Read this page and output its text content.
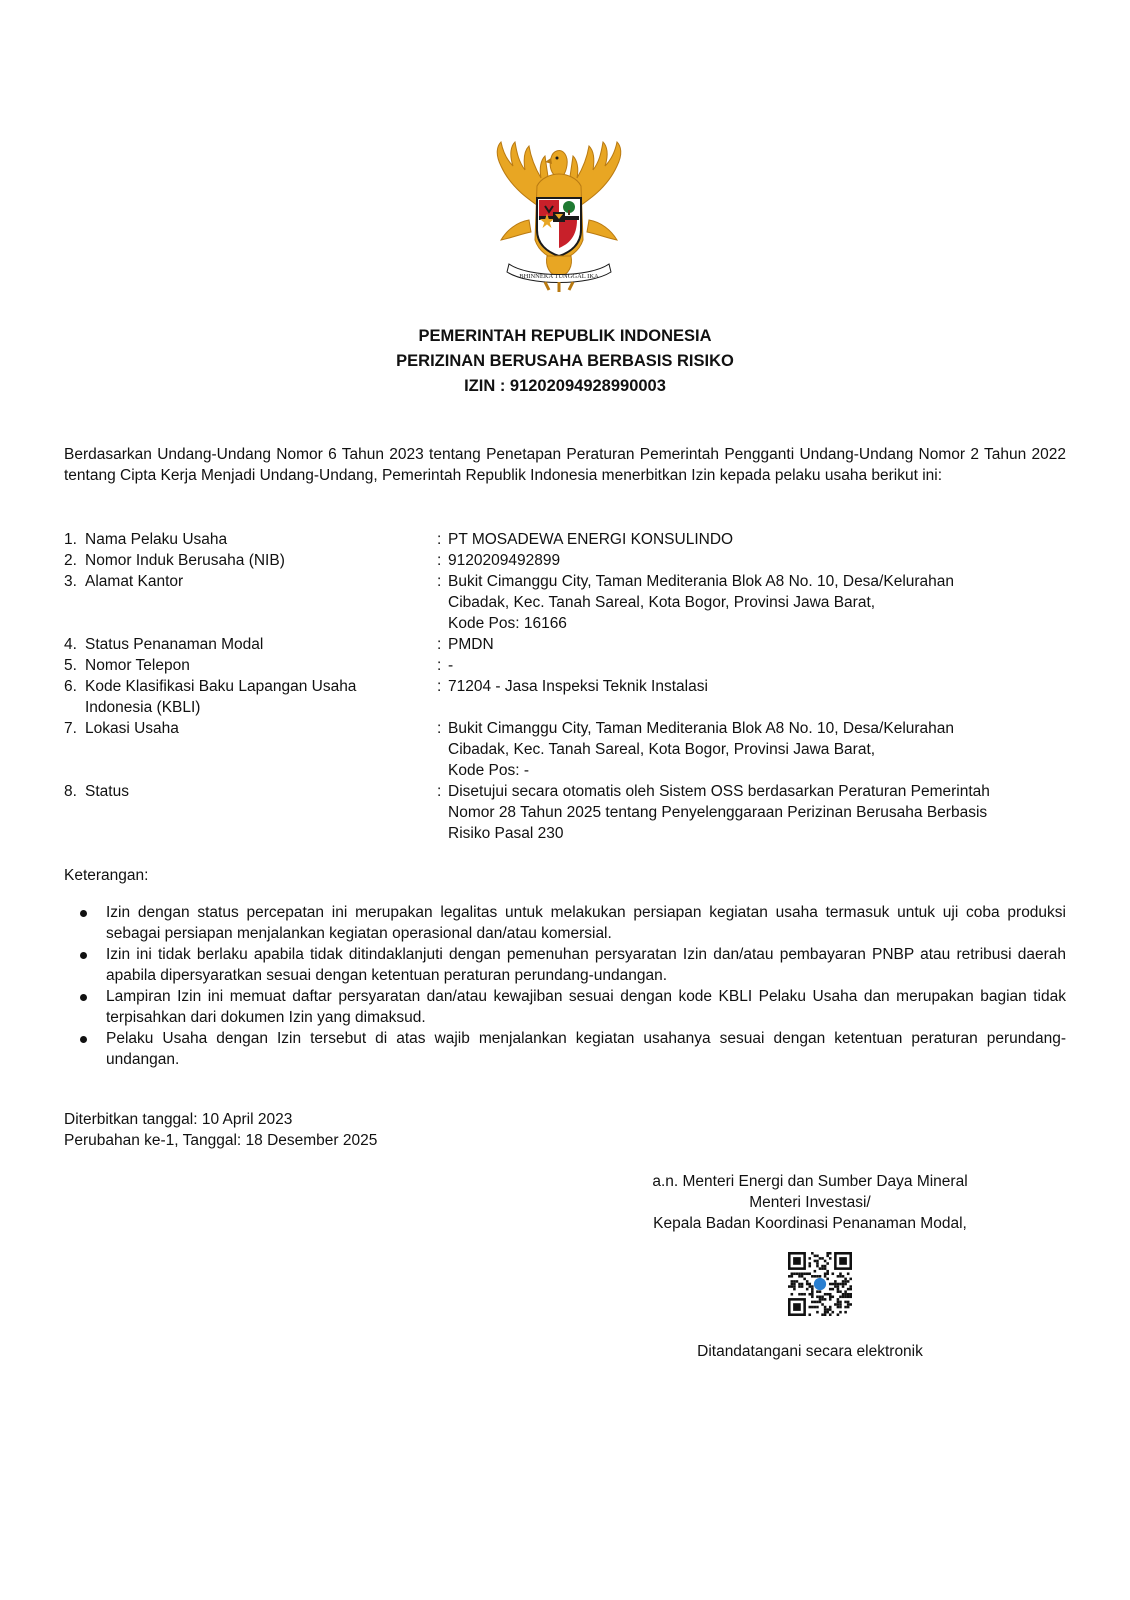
BHINNEKA TUNGGAL IKA
PEMERINTAH REPUBLIK INDONESIA
PERIZINAN BERUSAHA BERBASIS RISIKO
IZIN : 91202094928990003

Berdasarkan Undang-Undang Nomor 6 Tahun 2023 tentang Penetapan Peraturan Pemerintah Pengganti Undang-Undang Nomor 2 Tahun 2022 tentang Cipta Kerja Menjadi Undang-Undang, Pemerintah Republik Indonesia menerbitkan Izin kepada pelaku usaha berikut ini:

1. Nama Pelaku Usaha	: PT MOSADEWA ENERGI KONSULINDO
2. Nomor Induk Berusaha (NIB)	: 9120209492899
3. Alamat Kantor	: Bukit Cimanggu City, Taman Mediterania Blok A8 No. 10, Desa/Kelurahan
Cibadak, Kec. Tanah Sareal, Kota Bogor, Provinsi Jawa Barat,
Kode Pos: 16166
4. Status Penanaman Modal	: PMDN
5. Nomor Telepon	: -
6. Kode Klasifikasi Baku Lapangan Usaha	: 71204 - Jasa Inspeksi Teknik Instalasi
Indonesia (KBLI)
7. Lokasi Usaha	: Bukit Cimanggu City, Taman Mediterania Blok A8 No. 10, Desa/Kelurahan
Cibadak, Kec. Tanah Sareal, Kota Bogor, Provinsi Jawa Barat,
Kode Pos: -
8. Status	: Disetujui secara otomatis oleh Sistem OSS berdasarkan Peraturan Pemerintah
Nomor 28 Tahun 2025 tentang Penyelenggaraan Perizinan Berusaha Berbasis
Risiko Pasal 230
Keterangan:
Izin dengan status percepatan ini merupakan legalitas untuk melakukan persiapan kegiatan usaha termasuk untuk uji coba produksi sebagai persiapan menjalankan kegiatan operasional dan/atau komersial.
Izin ini tidak berlaku apabila tidak ditindaklanjuti dengan pemenuhan persyaratan Izin dan/atau pembayaran PNBP atau retribusi daerah apabila dipersyaratkan sesuai dengan ketentuan peraturan perundang-undangan.
Lampiran Izin ini memuat daftar persyaratan dan/atau kewajiban sesuai dengan kode KBLI Pelaku Usaha dan merupakan bagian tidak terpisahkan dari dokumen Izin yang dimaksud.
Pelaku Usaha dengan Izin tersebut di atas wajib menjalankan kegiatan usahanya sesuai dengan ketentuan peraturan perundang-undangan.
Diterbitkan tanggal: 10 April 2023
Perubahan ke-1, Tanggal: 18 Desember 2025
a.n. Menteri Energi dan Sumber Daya Mineral
Menteri Investasi/
Kepala Badan Koordinasi Penanaman Modal,
Ditandatangani secara elektronik
